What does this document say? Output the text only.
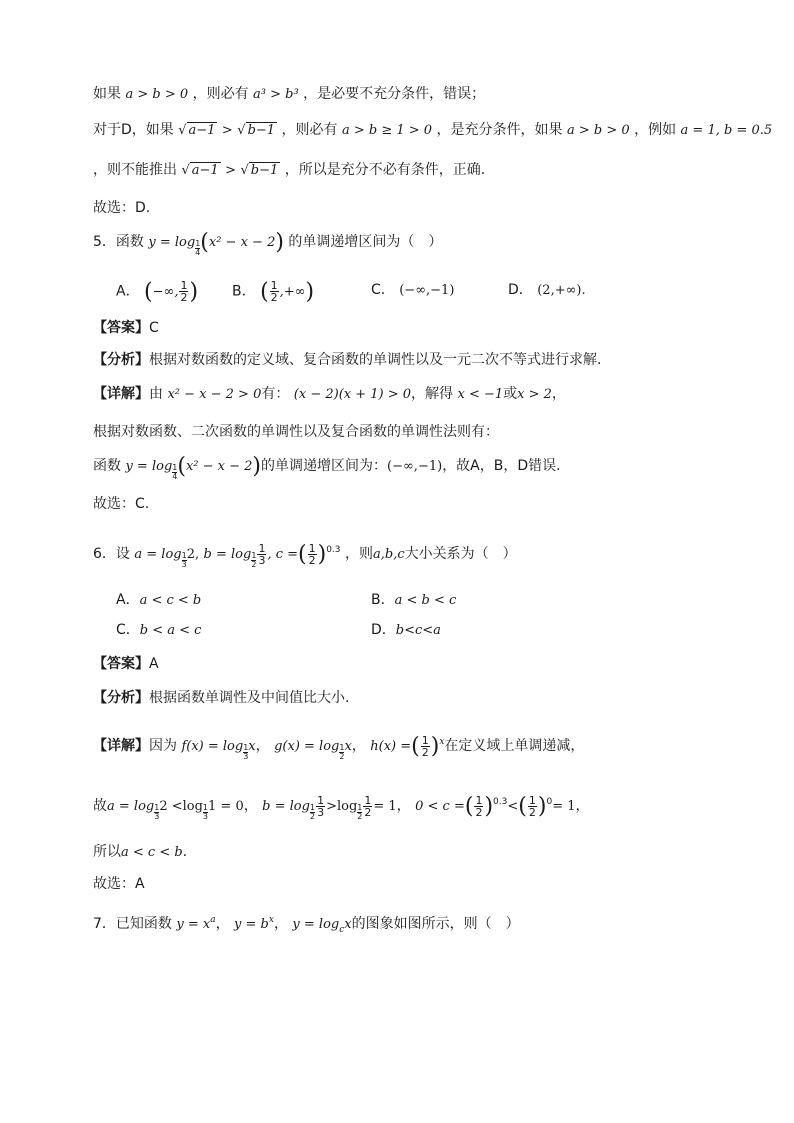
如果 a > b > 0 ，则必有 a³ > b³ ，是必要不充分条件，错误；
对于D，如果 √ a−1 > √ b−1 ，则必有 a > b ≥ 1 > 0 ，是充分条件，如果 a > b > 0 ，例如 a = 1, b = 0.5
，则不能推出 √ a−1 > √ b−1 ，所以是充分不必有条件，正确.
故选：D.
5．函数 $y = \log \frac{1}{4}(x^2 - x - 2)$ 的单调递增区间为（　）
A． (−∞, $\frac{1}{2}$ ) B． ( $\frac{1}{2}$ ,+∞)	C． (−∞,−1)	D． (2,+∞).
【答案】C
【分析】根据对数函数的定义域、复合函数的单调性以及一元二次不等式进行求解.
【详解】由 x² − x − 2 > 0有： (x − 2)(x + 1) > 0，解得 x < −1或x > 2，
根据对数函数、二次函数的单调性以及复合函数的单调性法则有：
函数 $y = \log \frac{1}{4}(x^2 - x - 2)$的单调递增区间为：(−∞,−1)，故A，B，D错误.
故选：C.
6．设 $a = \log \frac{1}{3}2$, $b = \log \frac{1}{2} \frac{1}{3}$ , c =( $\frac{1}{2} )^{0.3}$ ，则a,b,c大小关系为（　）
A．a < c < b	B．a < b < c
C．b < a < c	D．b<c<a
【答案】A
【分析】根据函数单调性及中间值比大小.
【详解】因为 $f(x) = \log \frac{1}{3}x$， $g(x) = \log \frac{1}{2}x$， h(x) =( $\frac{1}{2} )^x$在定义域上单调递减，
故$a = \log \frac{1}{3}2 <\log \frac{1}{3}1 = 0$， $b = \log \frac{1}{2} \frac{1}{3} >\log \frac{1}{2} \frac{1}{2} = 1$， 0 < c =( $\frac{1}{2} )^{0.3}<( \frac{1}{2} )^0= 1$，
所以a < c < b.
故选：A
7．已知函数 $y = x^a$， $y = b^x$， $y = \log_cx$的图象如图所示，则（　）
